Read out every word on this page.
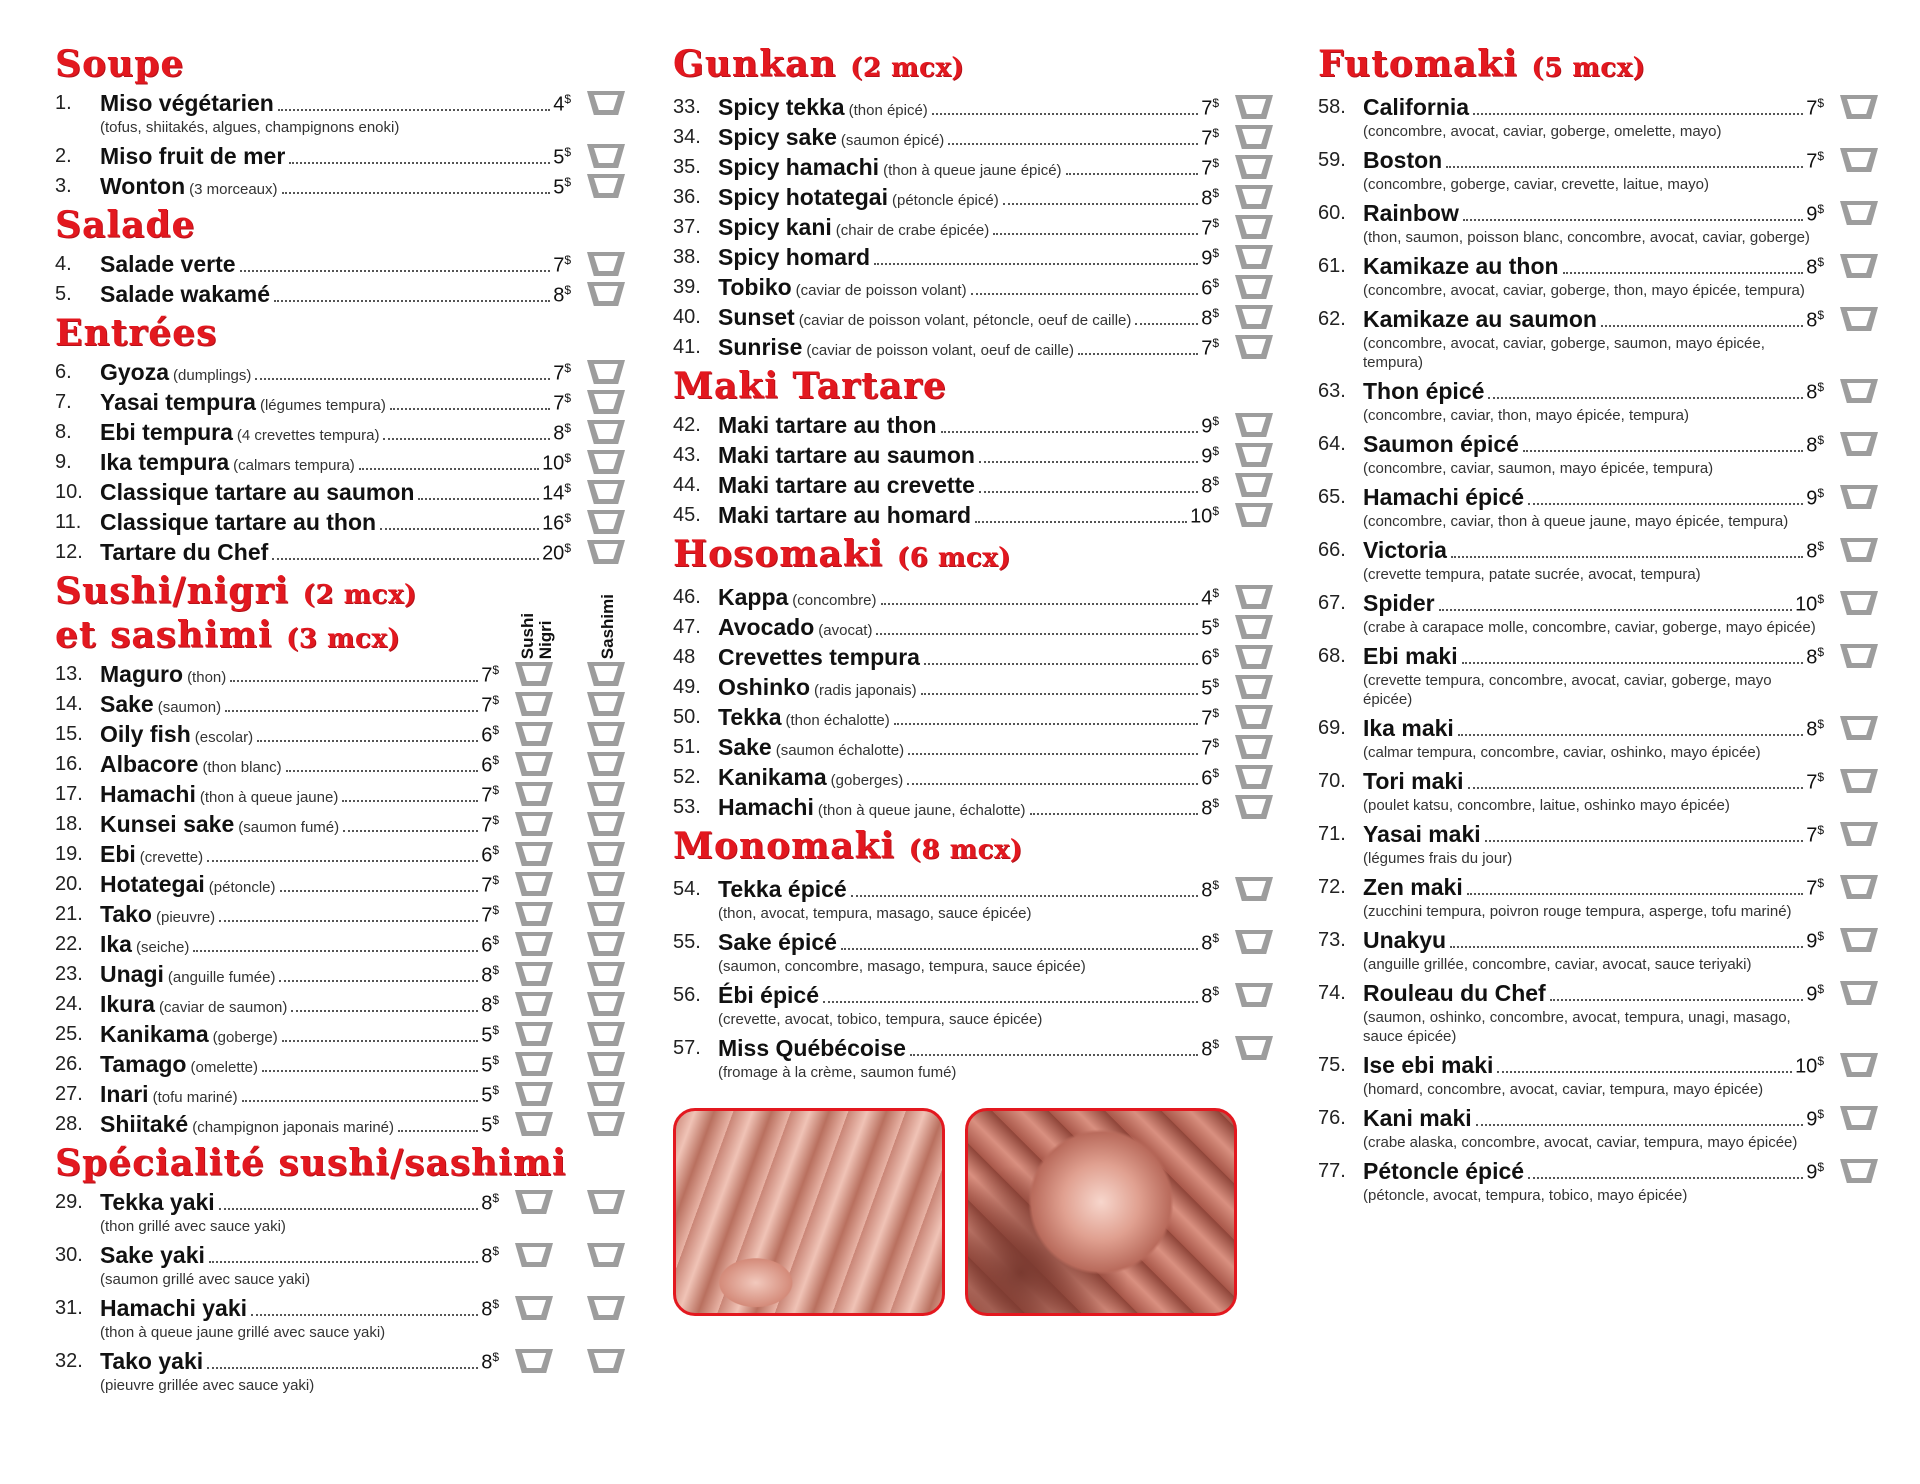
Soupe
1.	Miso végétarien	4$
(tofus, shiitakés, algues, champignons enoki)
2.	Miso fruit de mer	5$
3.	Wonton (3 morceaux)	5$
Salade
4.	Salade verte	7$
5.	Salade wakamé	8$
Entrées
6.	Gyoza (dumplings)	7$
7.	Yasai tempura (légumes tempura)	7$
8.	Ebi tempura (4 crevettes tempura)	8$
9.	Ika tempura (calmars tempura)	10$
10. Classique tartare au saumon	14$
11. Classique tartare au thon	16$
12. Tartare du Chef	20$
Sushi/nigri (2 mcx)
et sashimi (3 mcx)	Sushi Nigri	Sashimi
13. Maguro (thon)	7$
14. Sake (saumon)	7$
15. Oily fish (escolar)	6$
16. Albacore (thon blanc)	6$
17. Hamachi (thon à queue jaune)	7$
18. Kunsei sake (saumon fumé)	7$
19. Ebi (crevette)	6$
20. Hotategai (pétoncle)	7$
21. Tako (pieuvre)	7$
22. Ika (seiche)	6$
23. Unagi (anguille fumée)	8$
24. Ikura (caviar de saumon)	8$
25. Kanikama (goberge)	5$
26. Tamago (omelette)	5$
27. Inari (tofu mariné)	5$
28. Shiitaké (champignon japonais mariné)	5$
Spécialité sushi/sashimi
29. Tekka yaki	8$
(thon grillé avec sauce yaki)
30. Sake yaki	8$
(saumon grillé avec sauce yaki)
31. Hamachi yaki	8$
(thon à queue jaune grillé avec sauce yaki)
32. Tako yaki	8$
(pieuvre grillée avec sauce yaki)
Gunkan (2 mcx)
33. Spicy tekka (thon épicé)	7$
34. Spicy sake (saumon épicé)	7$
35. Spicy hamachi (thon à queue jaune épicé)	7$
36. Spicy hotategai (pétoncle épicé)	8$
37. Spicy kani (chair de crabe épicée)	7$
38. Spicy homard	9$
39. Tobiko (caviar de poisson volant)	6$
40. Sunset (caviar de poisson volant, pétoncle, oeuf de caille)	8$
41. Sunrise (caviar de poisson volant, oeuf de caille)	7$
Maki Tartare
42. Maki tartare au thon	9$
43. Maki tartare au saumon	9$
44. Maki tartare au crevette	8$
45. Maki tartare au homard	10$
Hosomaki (6 mcx)
46. Kappa (concombre)	4$
47. Avocado (avocat)	5$
48 Crevettes tempura	6$
49. Oshinko (radis japonais)	5$
50. Tekka (thon échalotte)	7$
51. Sake (saumon échalotte)	7$
52. Kanikama (goberges)	6$
53. Hamachi (thon à queue jaune, échalotte)	8$
Monomaki (8 mcx)
54. Tekka épicé	8$
(thon, avocat, tempura, masago, sauce épicée)
55. Sake épicé	8$
(saumon, concombre, masago, tempura, sauce épicée)
56. Ébi épicé	8$
(crevette, avocat, tobico, tempura, sauce épicée)
57. Miss Québécoise	8$
(fromage à la crème, saumon fumé)
Futomaki (5 mcx)
58. California	7$
(concombre, avocat, caviar, goberge, omelette, mayo)
59. Boston	7$
(concombre, goberge, caviar, crevette, laitue, mayo)
60. Rainbow	9$
(thon, saumon, poisson blanc, concombre, avocat, caviar, goberge)
61. Kamikaze au thon	8$
(concombre, avocat, caviar, goberge, thon, mayo épicée, tempura)
62. Kamikaze au saumon	8$
(concombre, avocat, caviar, goberge, saumon, mayo épicée, tempura)
63. Thon épicé	8$
(concombre, caviar, thon, mayo épicée, tempura)
64. Saumon épicé	8$
(concombre, caviar, saumon, mayo épicée, tempura)
65. Hamachi épicé	9$
(concombre, caviar, thon à queue jaune, mayo épicée, tempura)
66. Victoria	8$
(crevette tempura, patate sucrée, avocat, tempura)
67. Spider	10$
(crabe à carapace molle, concombre, caviar, goberge, mayo épicée)
68. Ebi maki	8$
(crevette tempura, concombre, avocat, caviar, goberge, mayo épicée)
69. Ika maki	8$
(calmar tempura, concombre, caviar, oshinko, mayo épicée)
70. Tori maki	7$
(poulet katsu, concombre, laitue, oshinko mayo épicée)
71. Yasai maki	7$
(légumes frais du jour)
72. Zen maki	7$
(zucchini tempura, poivron rouge tempura, asperge, tofu mariné)
73. Unakyu	9$
(anguille grillée, concombre, caviar, avocat, sauce teriyaki)
74. Rouleau du Chef	9$
(saumon, oshinko, concombre, avocat, tempura, unagi, masago, sauce épicée)
75. Ise ebi maki	10$
(homard, concombre, avocat, caviar, tempura, mayo épicée)
76. Kani maki	9$
(crabe alaska, concombre, avocat, caviar, tempura, mayo épicée)
77. Pétoncle épicé	9$
(pétoncle, avocat, tempura, tobico, mayo épicée)
